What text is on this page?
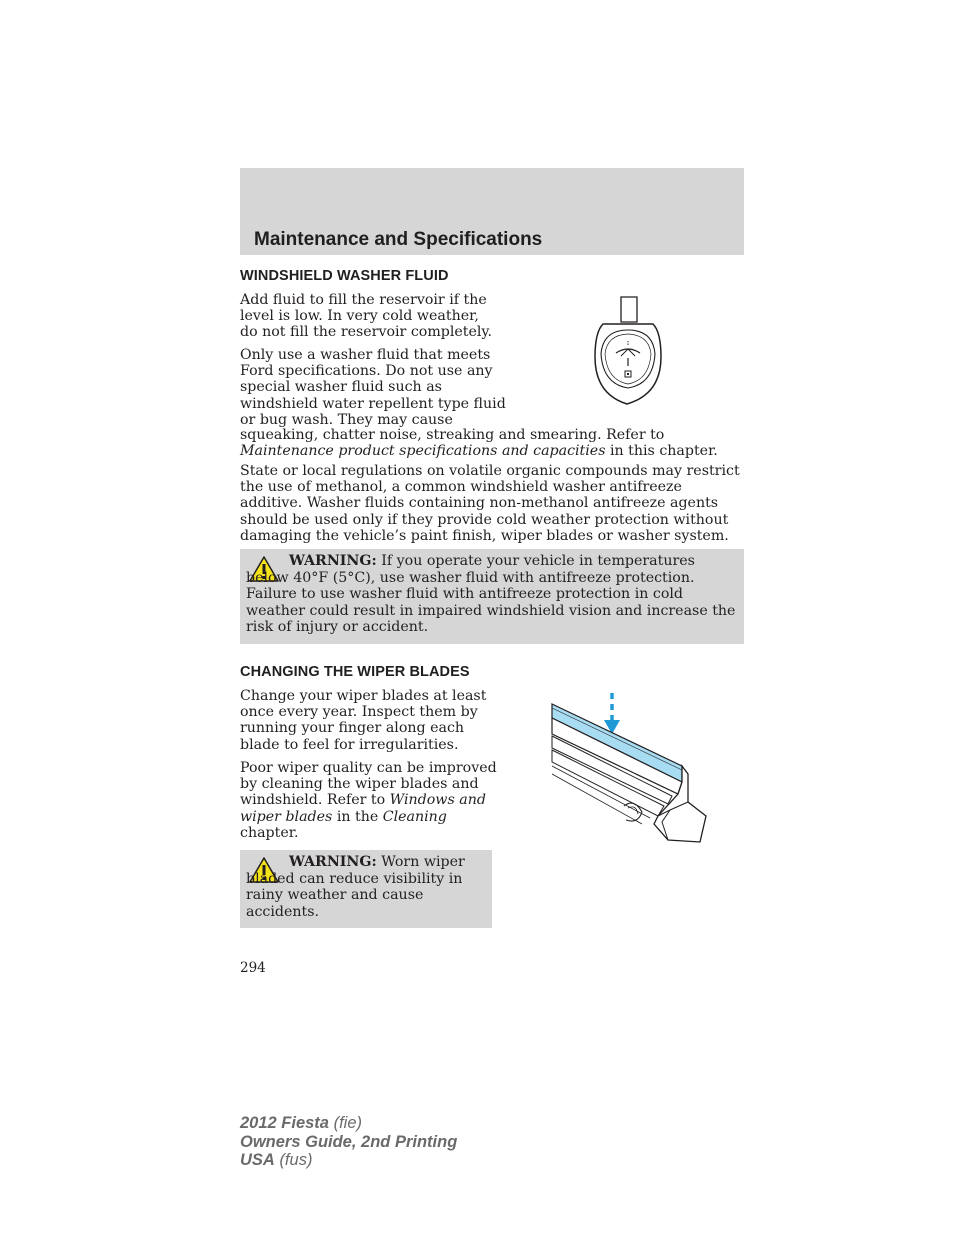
Maintenance and Specifications
WINDSHIELD WASHER FLUID

Add fluid to fill the reservoir if the level is low. In very cold weather, do not fill the reservoir completely.

Only use a washer fluid that meets
Ford specifications. Do not use any
special washer fluid such as
windshield water repellent type fluid
or bug wash. They may cause

squeaking, chatter noise, streaking and smearing. Refer to Maintenance product specifications and capacities in this chapter.

State or local regulations on volatile organic compounds may restrict the use of methanol, a common windshield washer antifreeze additive. Washer fluids containing non-methanol antifreeze agents should be used only if they provide cold weather protection without damaging the vehicle’s paint finish, wiper blades or washer system.

WARNING: If you operate your vehicle in temperatures below 40°F (5°C), use washer fluid with antifreeze protection. Failure to use washer fluid with antifreeze protection in cold weather could result in impaired windshield vision and increase the risk of injury or accident.

CHANGING THE WIPER BLADES

Change your wiper blades at least once every year. Inspect them by running your finger along each blade to feel for irregularities.

Poor wiper quality can be improved by cleaning the wiper blades and windshield. Refer to Windows and wiper blades in the Cleaning chapter.

WARNING: Worn wiper bladed can reduce visibility in rainy weather and cause accidents.

294

2012 Fiesta (fie)
Owners Guide, 2nd Printing
USA (fus)
